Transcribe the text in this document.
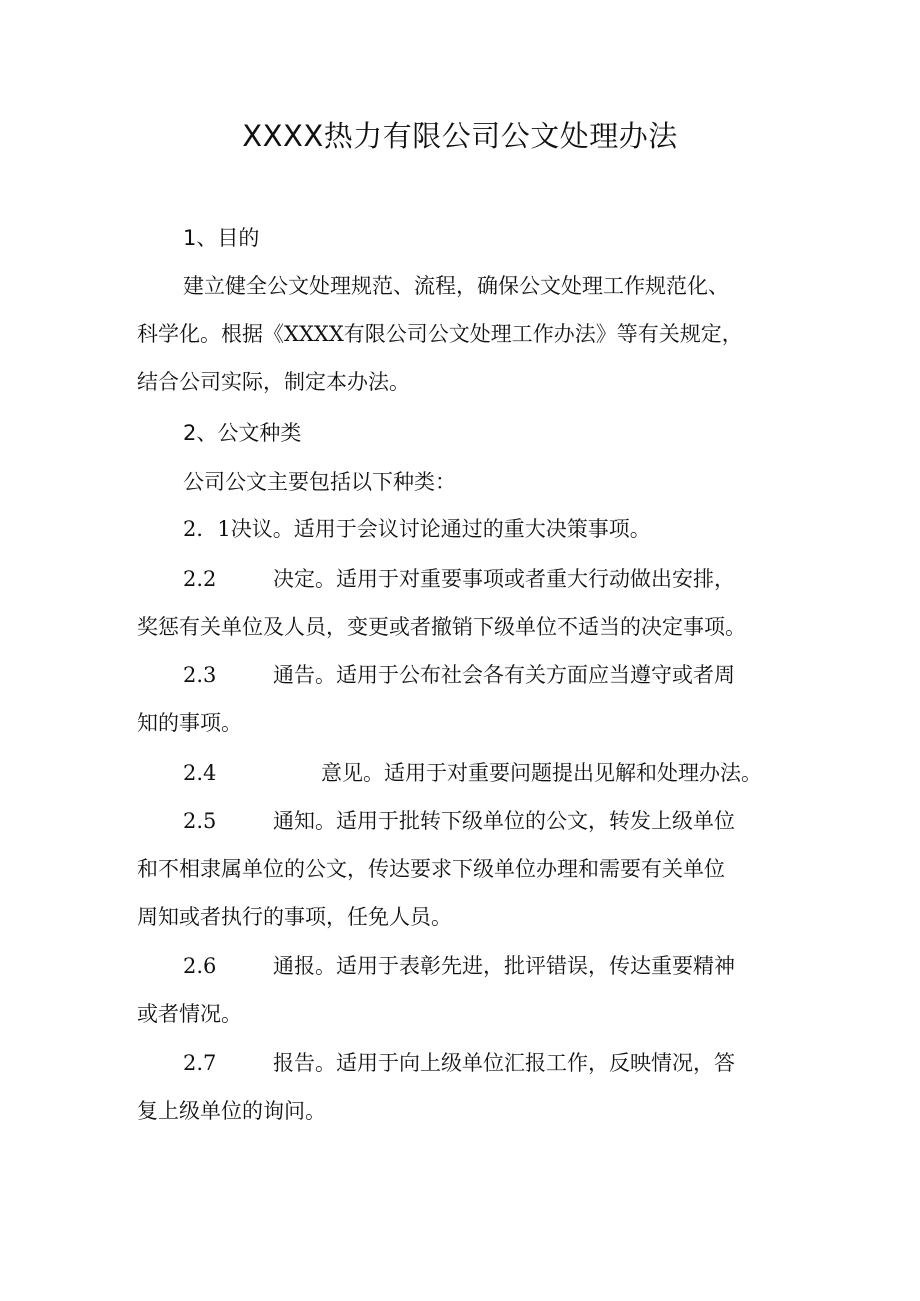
XXXX热力有限公司公文处理办法
1、目的
建立健全公文处理规范、流程，确保公文处理工作规范化、
科学化。根据《XXXX有限公司公文处理工作办法》等有关规定，
结合公司实际，制定本办法。
2、公文种类
公司公文主要包括以下种类：
2．1决议。适用于会议讨论通过的重大决策事项。
2.2	决定。适用于对重要事项或者重大行动做出安排，
奖惩有关单位及人员，变更或者撤销下级单位不适当的决定事项。
2.3	通告。适用于公布社会各有关方面应当遵守或者周
知的事项。
2.4	意见。适用于对重要问题提出见解和处理办法。
2.5	通知。适用于批转下级单位的公文，转发上级单位
和不相隶属单位的公文，传达要求下级单位办理和需要有关单位
周知或者执行的事项，任免人员。
2.6	通报。适用于表彰先进，批评错误，传达重要精神
或者情况。
2.7	报告。适用于向上级单位汇报工作，反映情况，答
复上级单位的询问。
